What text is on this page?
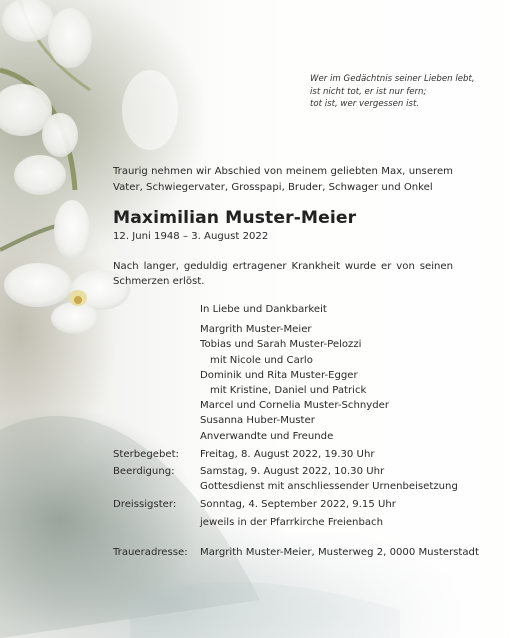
Wer im Gedächtnis seiner Lieben lebt,
ist nicht tot, er ist nur fern;
tot ist, wer vergessen ist.
Traurig nehmen wir Abschied von meinem geliebten Max, unserem Vater, Schwiegervater, Grosspapi, Bruder, Schwager und Onkel
Maximilian Muster-Meier
12. Juni 1948 – 3. August 2022
Nach langer, geduldig ertragener Krankheit wurde er von seinen Schmerzen erlöst.
In Liebe und Dankbarkeit
Margrith Muster-Meier
Tobias und Sarah Muster-Pelozzi
mit Nicole und Carlo
Dominik und Rita Muster-Egger
mit Kristine, Daniel und Patrick
Marcel und Cornelia Muster-Schnyder
Susanna Huber-Muster
Anverwandte und Freunde
Sterbegebet:	Freitag, 8. August 2022, 19.30 Uhr
Beerdigung:	Samstag, 9. August 2022, 10.30 Uhr
Gottesdienst mit anschliessender Urnenbeisetzung
Dreissigster:	Sonntag, 4. September 2022, 9.15 Uhr
jeweils in der Pfarrkirche Freienbach
Traueradresse:	Margrith Muster-Meier, Musterweg 2, 0000 Musterstadt
